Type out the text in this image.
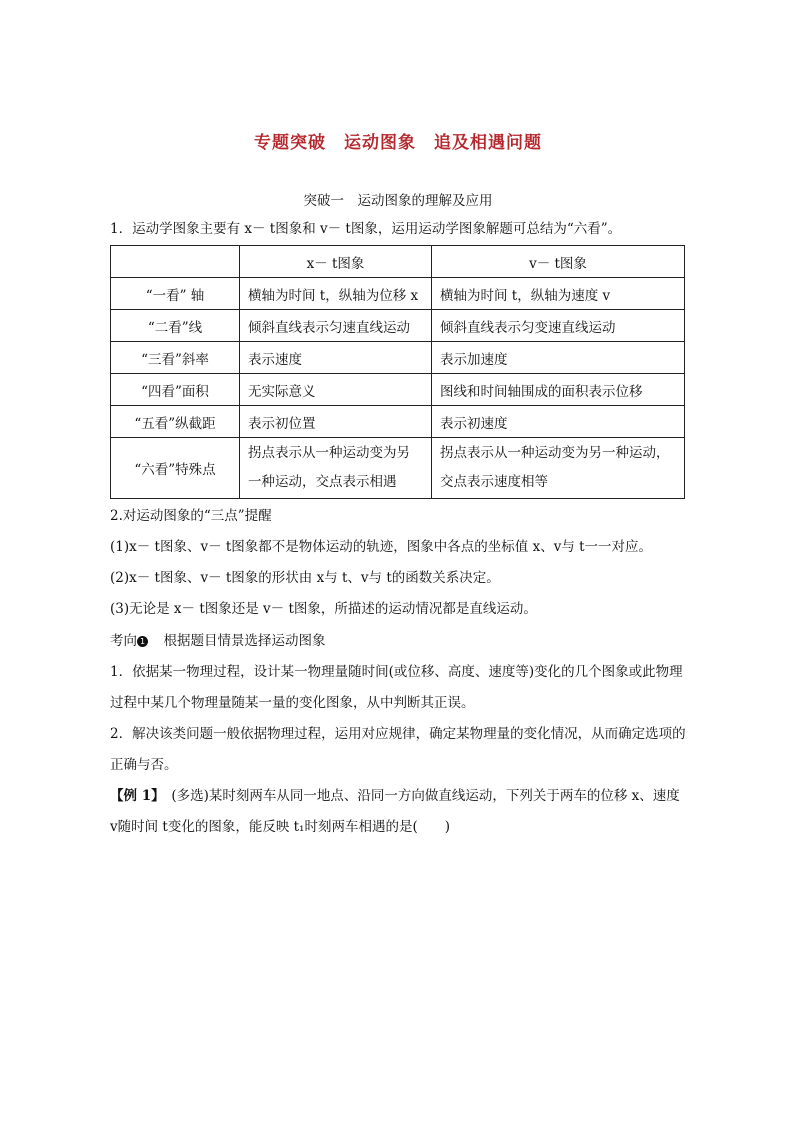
专题突破　运动图象　追及相遇问题
突破一　运动图象的理解及应用
1．运动学图象主要有 x－ t图象和 v－ t图象，运用运动学图象解题可总结为“六看”。
	x－ t图象	v－ t图象
“一看” 轴	横轴为时间 t，纵轴为位移 x	横轴为时间 t，纵轴为速度 v
“二看”线	倾斜直线表示匀速直线运动	倾斜直线表示匀变速直线运动
“三看”斜率	表示速度	表示加速度
“四看”面积	无实际意义	图线和时间轴围成的面积表示位移
“五看”纵截距	表示初位置	表示初速度
“六看”特殊点	拐点表示从一种运动变为另一种运动，交点表示相遇	拐点表示从一种运动变为另一种运动，交点表示速度相等
2.对运动图象的“三点”提醒
(1)x－ t图象、v－ t图象都不是物体运动的轨迹，图象中各点的坐标值 x、v与 t一一对应。
(2)x－ t图象、v－ t图象的形状由 x与 t、v与 t的函数关系决定。
(3)无论是 x－ t图象还是 v－ t图象，所描述的运动情况都是直线运动。
考向 1　根据题目情景选择运动图象
1．依据某一物理过程，设计某一物理量随时间(或位移、高度、速度等)变化的几个图象或此物理过程中某几个物理量随某一量的变化图象，从中判断其正误。
2．解决该类问题一般依据物理过程，运用对应规律，确定某物理量的变化情况，从而确定选项的正确与否。
【例 1】　(多选)某时刻两车从同一地点、沿同一方向做直线运动，下列关于两车的位移 x、速度 v随时间 t变化的图象，能反映 t₁时刻两车相遇的是(　　)
